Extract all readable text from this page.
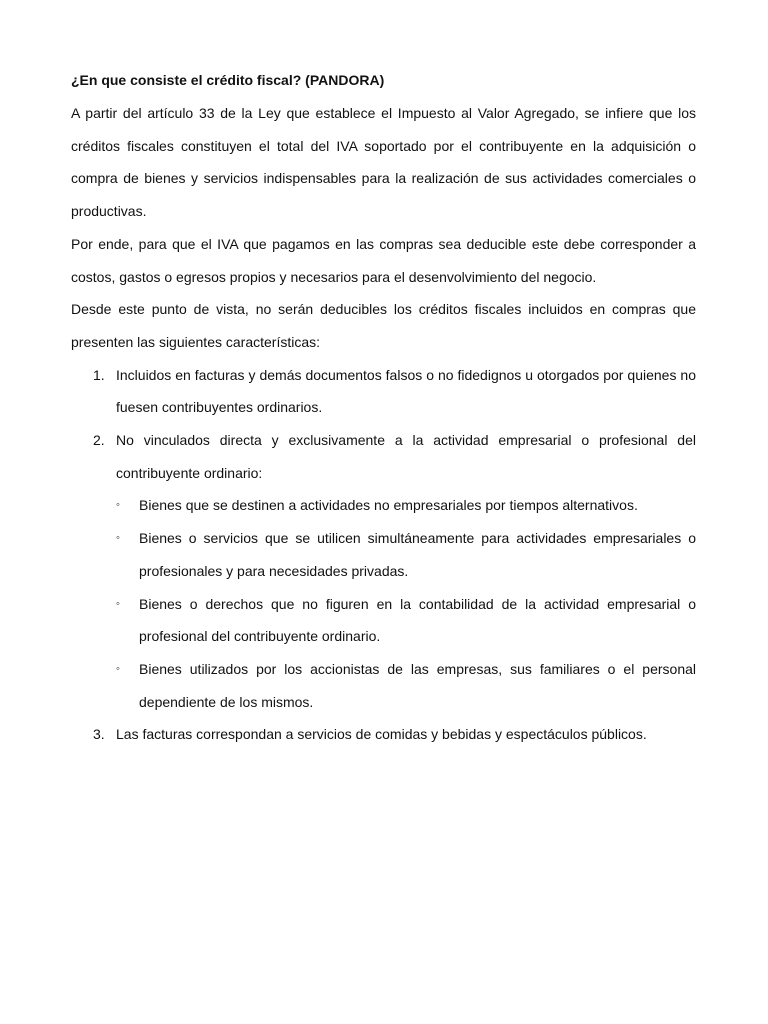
¿En que consiste el crédito fiscal? (PANDORA)

A partir del artículo 33 de la Ley que establece el Impuesto al Valor Agregado, se infiere que los créditos fiscales constituyen el total del IVA soportado por el contribuyente en la adquisición o compra de bienes y servicios indispensables para la realización de sus actividades comerciales o productivas.

Por ende, para que el IVA que pagamos en las compras sea deducible este debe corresponder a costos, gastos o egresos propios y necesarios para el desenvolvimiento del negocio.

Desde este punto de vista, no serán deducibles los créditos fiscales incluidos en compras que presenten las siguientes características:

1. Incluidos en facturas y demás documentos falsos o no fidedignos u otorgados por quienes no fuesen contribuyentes ordinarios.
2. No vinculados directa y exclusivamente a la actividad empresarial o profesional del contribuyente ordinario:
◦ Bienes que se destinen a actividades no empresariales por tiempos alternativos.
◦ Bienes o servicios que se utilicen simultáneamente para actividades empresariales o profesionales y para necesidades privadas.
◦ Bienes o derechos que no figuren en la contabilidad de la actividad empresarial o profesional del contribuyente ordinario.
◦ Bienes utilizados por los accionistas de las empresas, sus familiares o el personal dependiente de los mismos.
3. Las facturas correspondan a servicios de comidas y bebidas y espectáculos públicos.
